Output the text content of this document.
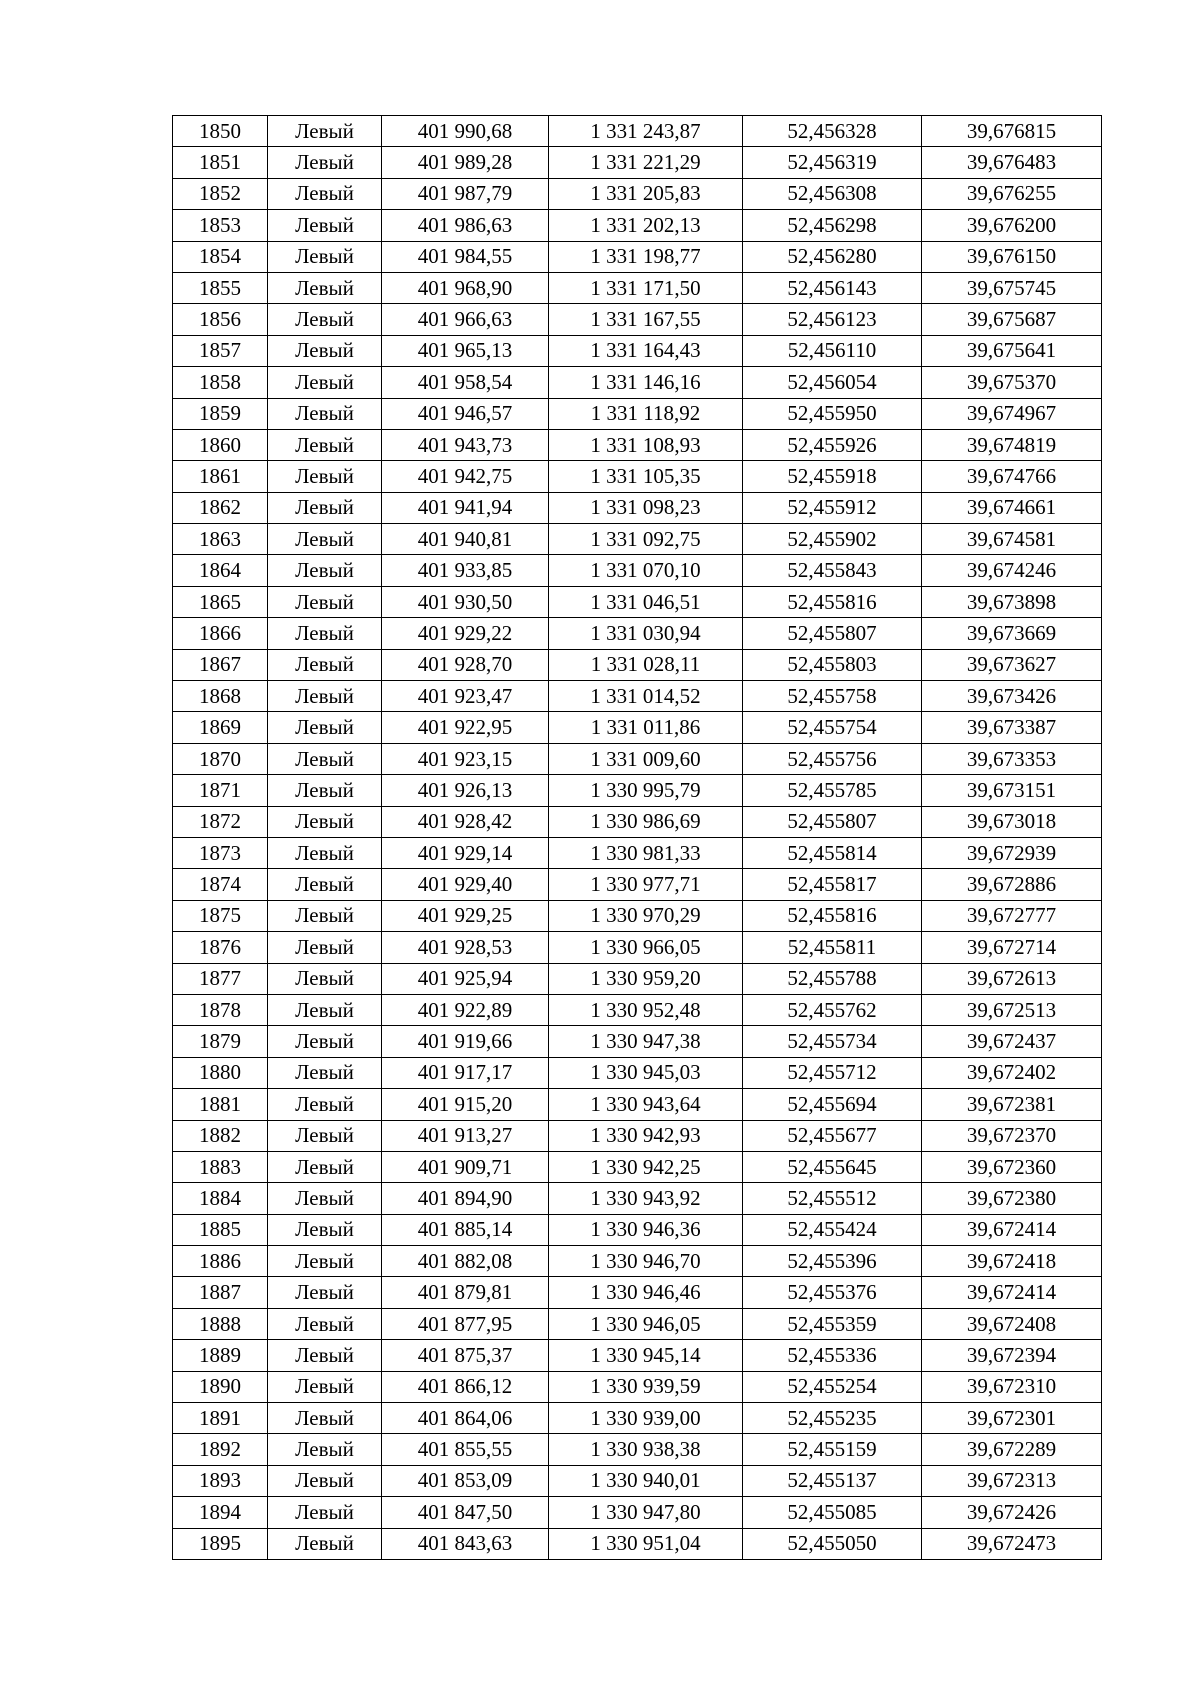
1850	Левый	401 990,68	1 331 243,87	52,456328	39,676815
1851	Левый	401 989,28	1 331 221,29	52,456319	39,676483
1852	Левый	401 987,79	1 331 205,83	52,456308	39,676255
1853	Левый	401 986,63	1 331 202,13	52,456298	39,676200
1854	Левый	401 984,55	1 331 198,77	52,456280	39,676150
1855	Левый	401 968,90	1 331 171,50	52,456143	39,675745
1856	Левый	401 966,63	1 331 167,55	52,456123	39,675687
1857	Левый	401 965,13	1 331 164,43	52,456110	39,675641
1858	Левый	401 958,54	1 331 146,16	52,456054	39,675370
1859	Левый	401 946,57	1 331 118,92	52,455950	39,674967
1860	Левый	401 943,73	1 331 108,93	52,455926	39,674819
1861	Левый	401 942,75	1 331 105,35	52,455918	39,674766
1862	Левый	401 941,94	1 331 098,23	52,455912	39,674661
1863	Левый	401 940,81	1 331 092,75	52,455902	39,674581
1864	Левый	401 933,85	1 331 070,10	52,455843	39,674246
1865	Левый	401 930,50	1 331 046,51	52,455816	39,673898
1866	Левый	401 929,22	1 331 030,94	52,455807	39,673669
1867	Левый	401 928,70	1 331 028,11	52,455803	39,673627
1868	Левый	401 923,47	1 331 014,52	52,455758	39,673426
1869	Левый	401 922,95	1 331 011,86	52,455754	39,673387
1870	Левый	401 923,15	1 331 009,60	52,455756	39,673353
1871	Левый	401 926,13	1 330 995,79	52,455785	39,673151
1872	Левый	401 928,42	1 330 986,69	52,455807	39,673018
1873	Левый	401 929,14	1 330 981,33	52,455814	39,672939
1874	Левый	401 929,40	1 330 977,71	52,455817	39,672886
1875	Левый	401 929,25	1 330 970,29	52,455816	39,672777
1876	Левый	401 928,53	1 330 966,05	52,455811	39,672714
1877	Левый	401 925,94	1 330 959,20	52,455788	39,672613
1878	Левый	401 922,89	1 330 952,48	52,455762	39,672513
1879	Левый	401 919,66	1 330 947,38	52,455734	39,672437
1880	Левый	401 917,17	1 330 945,03	52,455712	39,672402
1881	Левый	401 915,20	1 330 943,64	52,455694	39,672381
1882	Левый	401 913,27	1 330 942,93	52,455677	39,672370
1883	Левый	401 909,71	1 330 942,25	52,455645	39,672360
1884	Левый	401 894,90	1 330 943,92	52,455512	39,672380
1885	Левый	401 885,14	1 330 946,36	52,455424	39,672414
1886	Левый	401 882,08	1 330 946,70	52,455396	39,672418
1887	Левый	401 879,81	1 330 946,46	52,455376	39,672414
1888	Левый	401 877,95	1 330 946,05	52,455359	39,672408
1889	Левый	401 875,37	1 330 945,14	52,455336	39,672394
1890	Левый	401 866,12	1 330 939,59	52,455254	39,672310
1891	Левый	401 864,06	1 330 939,00	52,455235	39,672301
1892	Левый	401 855,55	1 330 938,38	52,455159	39,672289
1893	Левый	401 853,09	1 330 940,01	52,455137	39,672313
1894	Левый	401 847,50	1 330 947,80	52,455085	39,672426
1895	Левый	401 843,63	1 330 951,04	52,455050	39,672473
